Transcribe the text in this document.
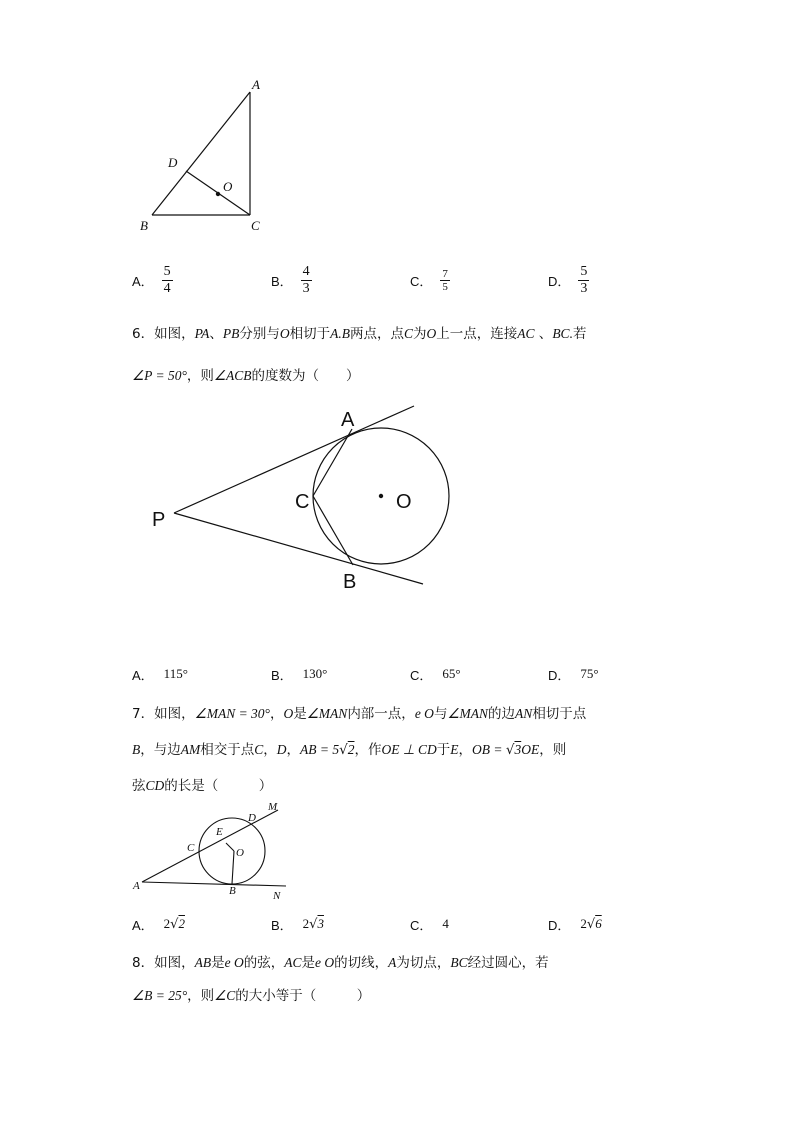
A
D
O
B	C
A． $\frac{5}{4}$	B． $\frac{4}{3}$	C． $\frac{7}{5}$	D． $\frac{5}{3}$
6．如图，PA、PB分别与O相切于A.B两点，点C为O上一点，连接AC 、BC.若
∠P = 50°，则∠ACB的度数为（　　）
A
C	O
P
B
A． 115°	B． 130°	C． 65°	D． 75°
7．如图，∠MAN = 30°，O是∠MAN内部一点，e O与∠MAN的边AN相切于点
B，与边AM相交于点C，D，AB = 5√2，作OE ⊥ CD于E，OB = √3OE，则
弦CD的长是（　　　）
M
D
E
C	O
A	B	N
A． 2 √ 2	B． 2 √ 3	C． 4	D． 2 √ 6
8．如图，AB是e O的弦，AC是e O的切线，A为切点，BC经过圆心，若
∠B = 25°，则∠C的大小等于（　　　）
